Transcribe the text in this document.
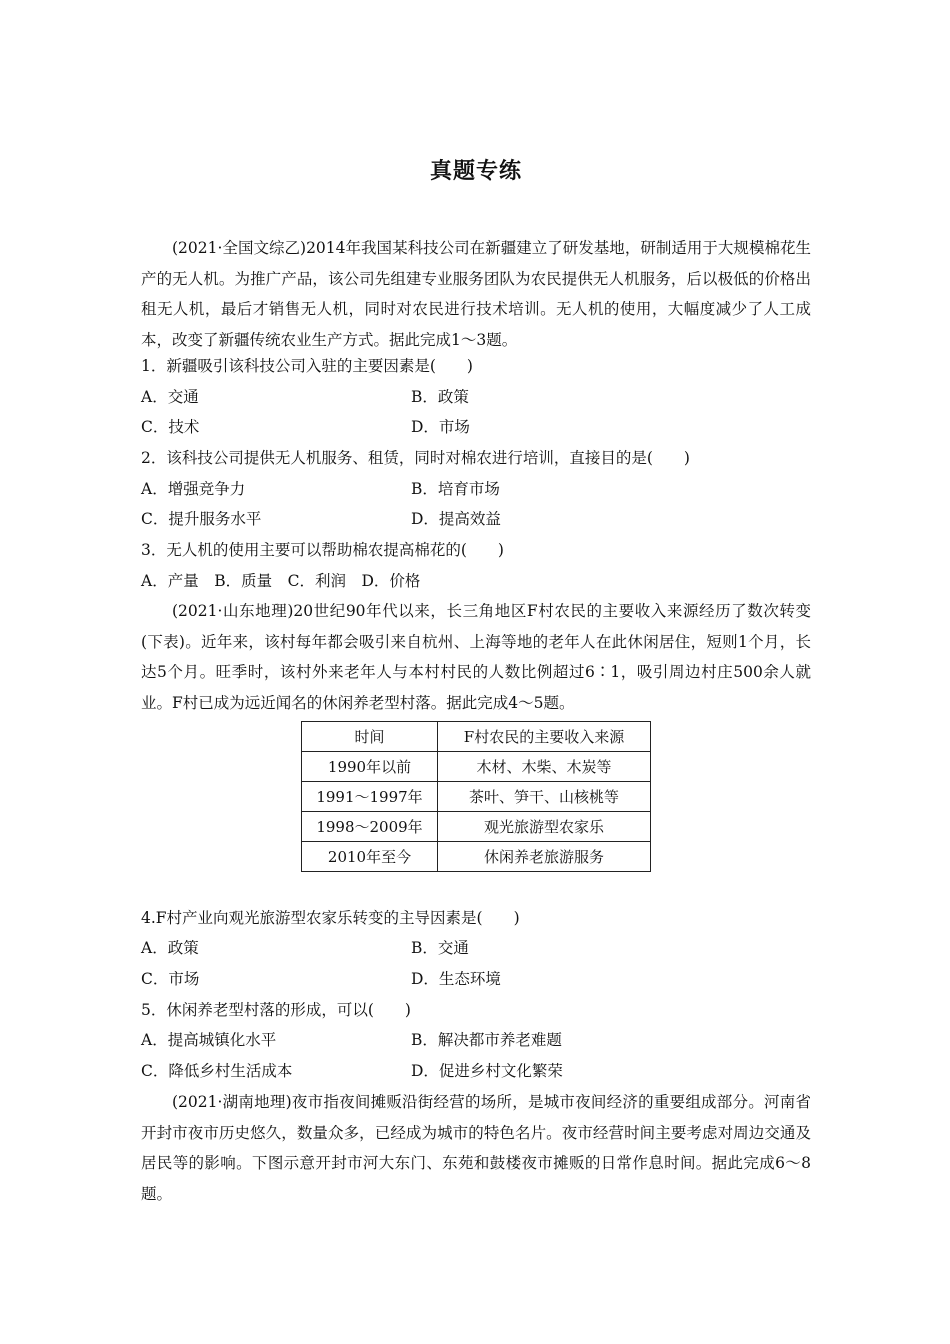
真题专练

(2021·全国文综乙)2014年我国某科技公司在新疆建立了研发基地，研制适用于大规模棉花生产的无人机。为推广产品，该公司先组建专业服务团队为农民提供无人机服务，后以极低的价格出租无人机，最后才销售无人机，同时对农民进行技术培训。无人机的使用，大幅度减少了人工成本，改变了新疆传统农业生产方式。据此完成1～3题。

1．新疆吸引该科技公司入驻的主要因素是(　　)
A．交通	B．政策
C．技术	D．市场
2．该科技公司提供无人机服务、租赁，同时对棉农进行培训，直接目的是(　　)
A．增强竞争力	B．培育市场
C．提升服务水平	D．提高效益
3．无人机的使用主要可以帮助棉农提高棉花的(　　)
A．产量　B．质量　C．利润　D．价格

(2021·山东地理)20世纪90年代以来，长三角地区F村农民的主要收入来源经历了数次转变(下表)。近年来，该村每年都会吸引来自杭州、上海等地的老年人在此休闲居住，短则1个月，长达5个月。旺季时，该村外来老年人与本村村民的人数比例超过6∶1，吸引周边村庄500余人就业。F村已成为远近闻名的休闲养老型村落。据此完成4～5题。

时间	F村农民的主要收入来源
1990年以前	木材、木柴、木炭等
1991～1997年	茶叶、笋干、山核桃等
1998～2009年	观光旅游型农家乐
2010年至今	休闲养老旅游服务
4.F村产业向观光旅游型农家乐转变的主导因素是(　　)
A．政策	B．交通
C．市场	D．生态环境
5．休闲养老型村落的形成，可以(　　)
A．提高城镇化水平	B．解决都市养老难题
C．降低乡村生活成本	D．促进乡村文化繁荣

(2021·湖南地理)夜市指夜间摊贩沿街经营的场所，是城市夜间经济的重要组成部分。河南省开封市夜市历史悠久，数量众多，已经成为城市的特色名片。夜市经营时间主要考虑对周边交通及居民等的影响。下图示意开封市河大东门、东苑和鼓楼夜市摊贩的日常作息时间。据此完成6～8题。
